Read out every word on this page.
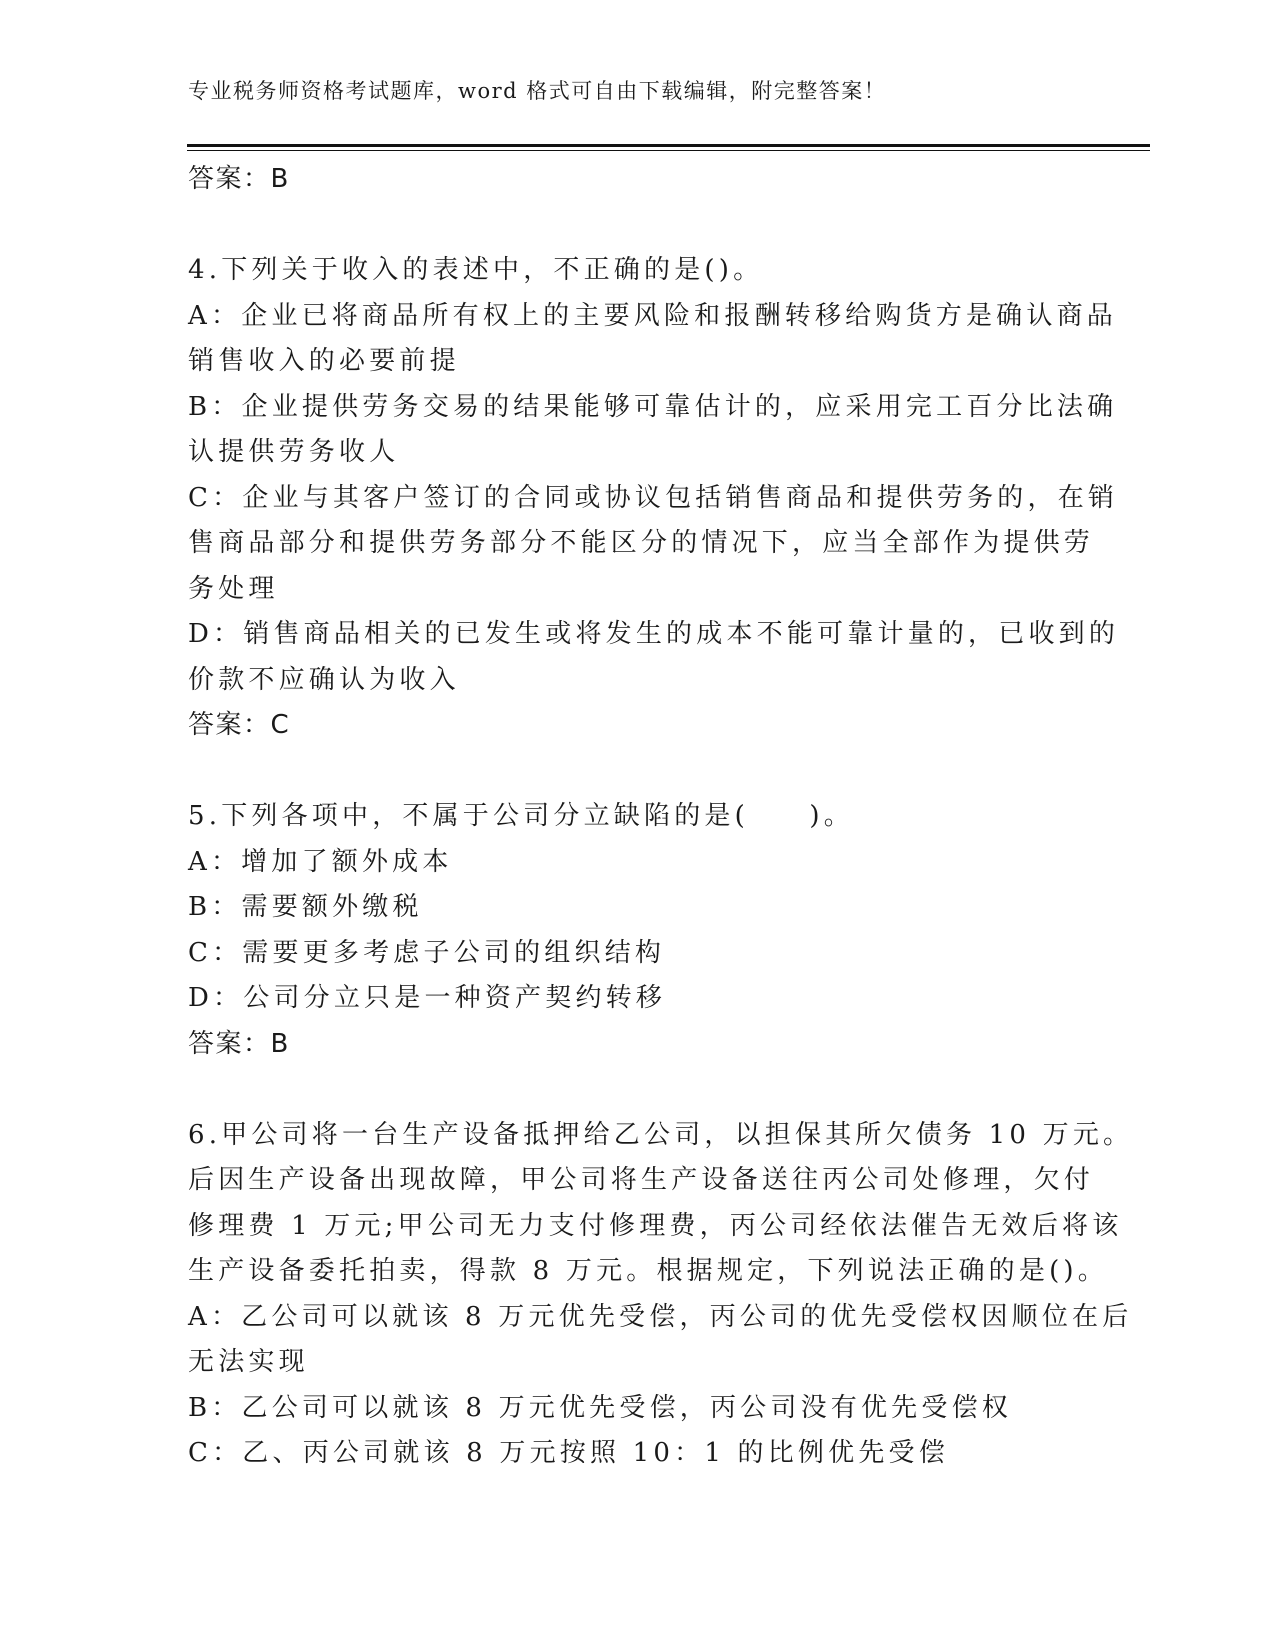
专业税务师资格考试题库，word 格式可自由下载编辑，附完整答案！
答案：B
4.下列关于收入的表述中，不正确的是()。
A：企业已将商品所有权上的主要风险和报酬转移给购货方是确认商品
销售收入的必要前提
B：企业提供劳务交易的结果能够可靠估计的，应采用完工百分比法确
认提供劳务收人
C：企业与其客户签订的合同或协议包括销售商品和提供劳务的，在销
售商品部分和提供劳务部分不能区分的情况下，应当全部作为提供劳
务处理
D：销售商品相关的已发生或将发生的成本不能可靠计量的，已收到的
价款不应确认为收入
答案：C
5.下列各项中，不属于公司分立缺陷的是(　　)。
A：增加了额外成本
B：需要额外缴税
C：需要更多考虑子公司的组织结构
D：公司分立只是一种资产契约转移
答案：B
6.甲公司将一台生产设备抵押给乙公司，以担保其所欠债务 10 万元。
后因生产设备出现故障，甲公司将生产设备送往丙公司处修理，欠付
修理费 1 万元;甲公司无力支付修理费，丙公司经依法催告无效后将该
生产设备委托拍卖，得款 8 万元。根据规定，下列说法正确的是()。
A：乙公司可以就该 8 万元优先受偿，丙公司的优先受偿权因顺位在后
无法实现
B：乙公司可以就该 8 万元优先受偿，丙公司没有优先受偿权
C：乙、丙公司就该 8 万元按照 10：1 的比例优先受偿
